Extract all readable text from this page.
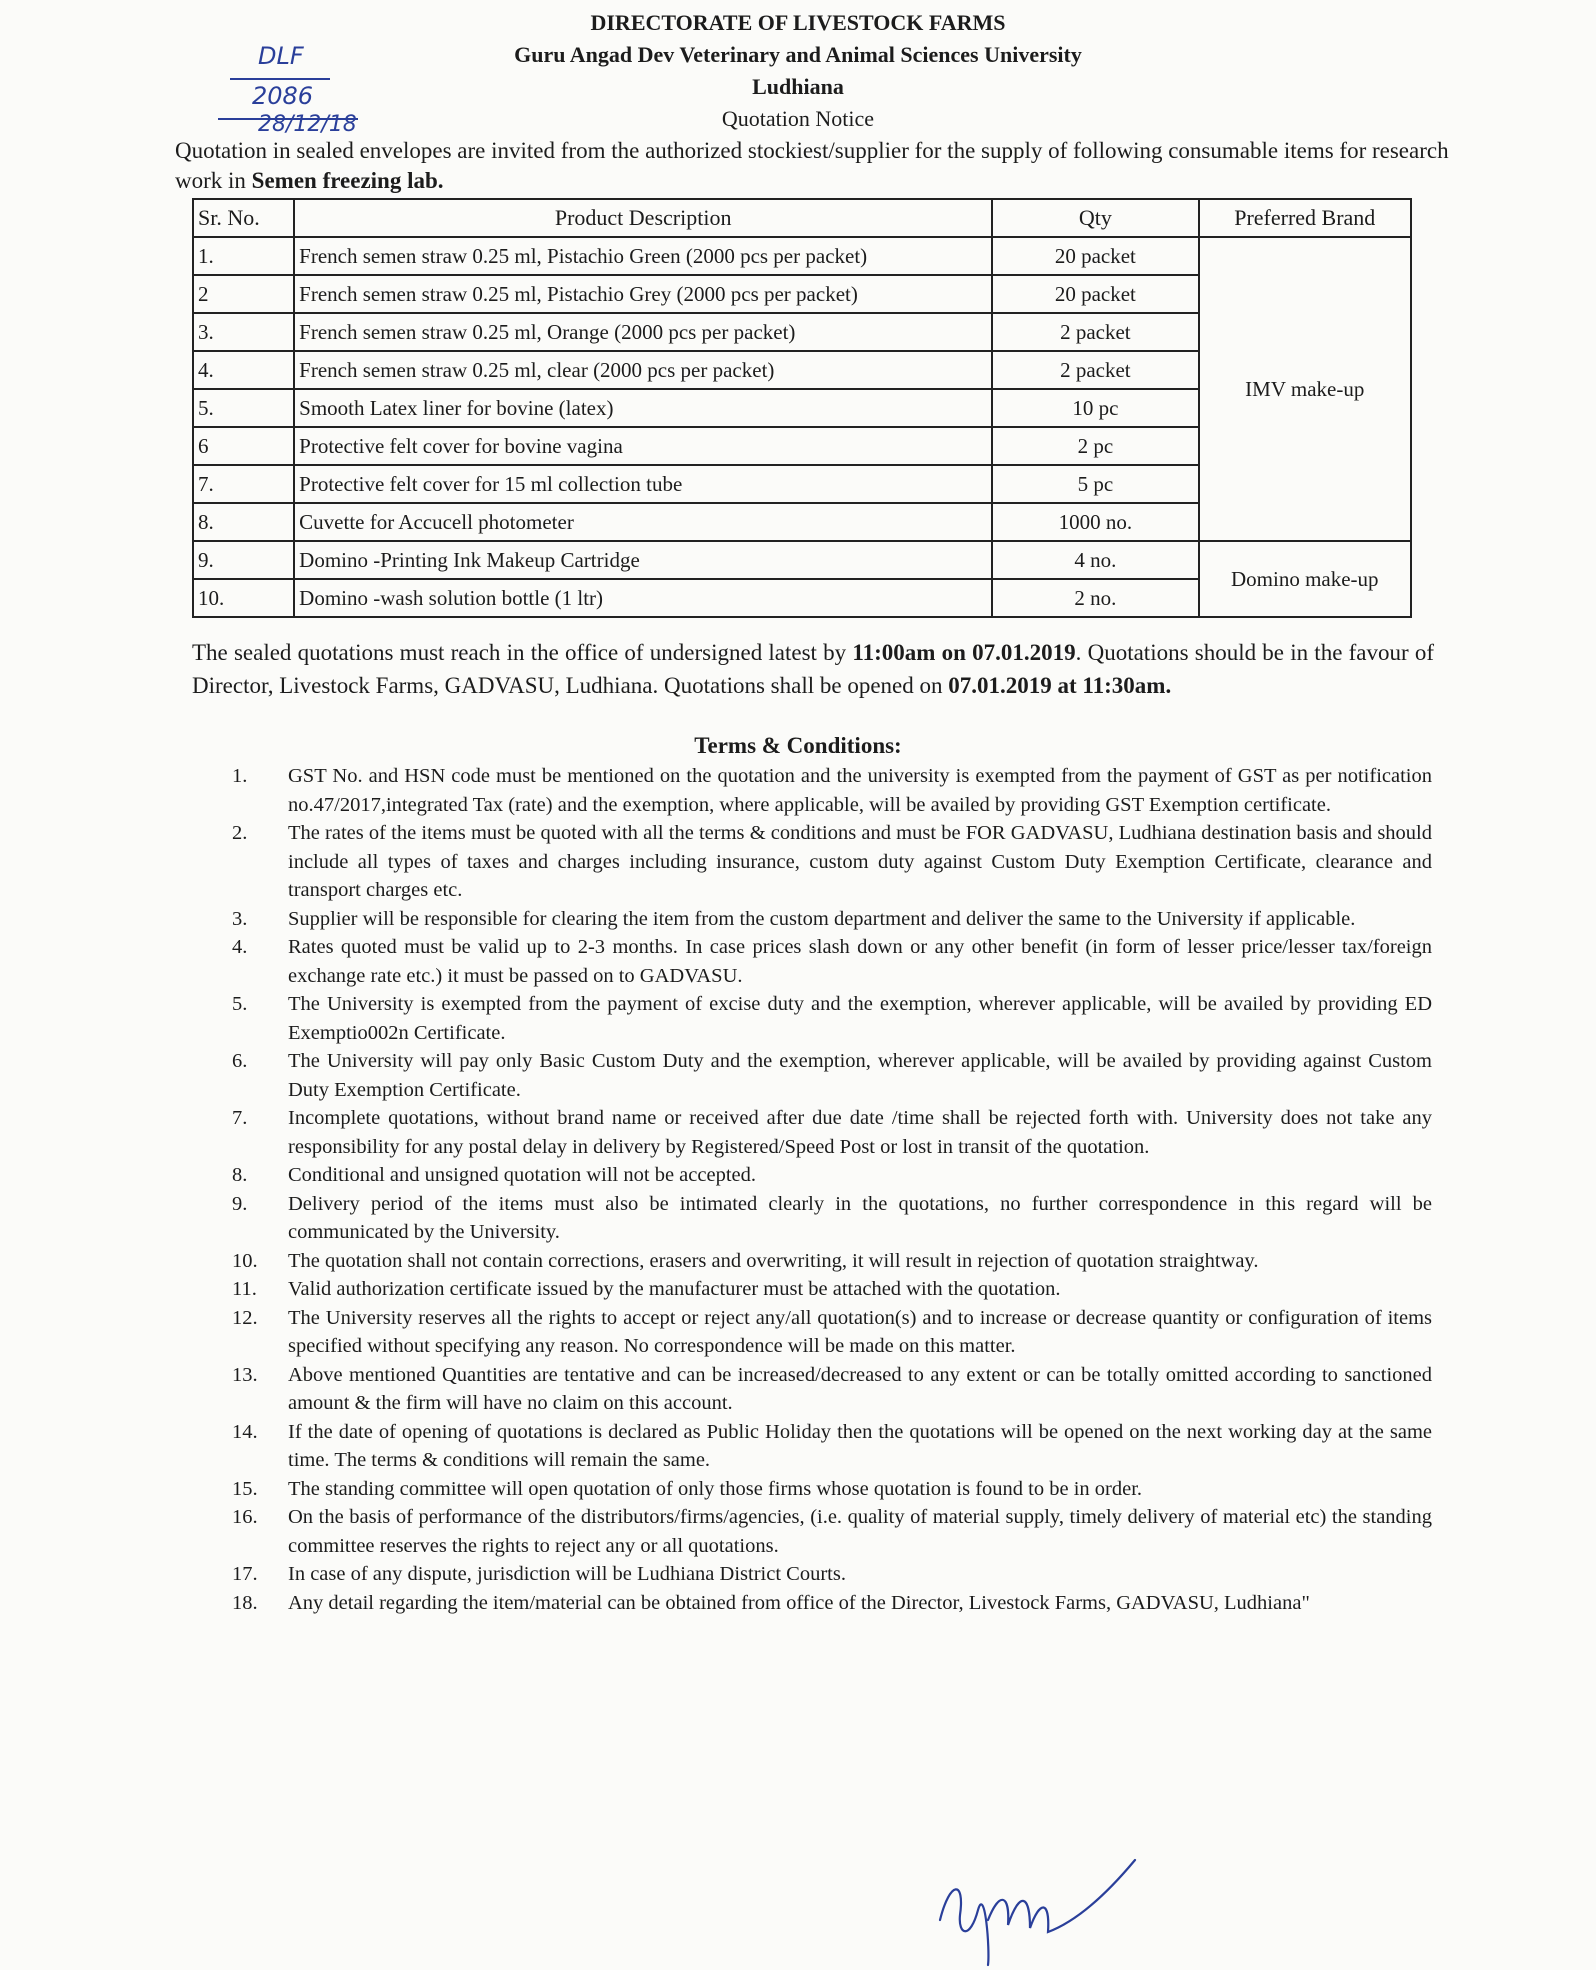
DIRECTORATE OF LIVESTOCK FARMS
Guru Angad Dev Veterinary and Animal Sciences University
Ludhiana
Quotation Notice
DLF
2086
28/12/18
Quotation in sealed envelopes are invited from the authorized stockiest/supplier for the supply of following consumable items for research work in Semen freezing lab.
Sr. No.	Product Description	Qty	Preferred Brand
1.	French semen straw 0.25 ml, Pistachio Green (2000 pcs per packet)	20 packet	IMV make-up
2	French semen straw 0.25 ml, Pistachio Grey (2000 pcs per packet)	20 packet	
3.	French semen straw 0.25 ml, Orange (2000 pcs per packet)	2 packet	
4.	French semen straw 0.25 ml, clear (2000 pcs per packet)	2 packet	
5.	Smooth Latex liner for bovine (latex)	10 pc	
6	Protective felt cover for bovine vagina	2 pc	
7.	Protective felt cover for 15 ml collection tube	5 pc	
8.	Cuvette for Accucell photometer	1000 no.	
9.	Domino -Printing Ink Makeup Cartridge	4 no.	Domino make-up
10.	Domino -wash solution bottle (1 ltr)	2 no.	
The sealed quotations must reach in the office of undersigned latest by 11:00am on 07.01.2019. Quotations should be in the favour of Director, Livestock Farms, GADVASU, Ludhiana. Quotations shall be opened on 07.01.2019 at 11:30am.
Terms & Conditions:
1. GST No. and HSN code must be mentioned on the quotation and the university is exempted from the payment of GST as per notification no.47/2017,integrated Tax (rate) and the exemption, where applicable, will be availed by providing GST Exemption certificate.
2. The rates of the items must be quoted with all the terms & conditions and must be FOR GADVASU, Ludhiana destination basis and should include all types of taxes and charges including insurance, custom duty against Custom Duty Exemption Certificate, clearance and transport charges etc.
3. Supplier will be responsible for clearing the item from the custom department and deliver the same to the University if applicable.
4. Rates quoted must be valid up to 2-3 months. In case prices slash down or any other benefit (in form of lesser price/lesser tax/foreign exchange rate etc.) it must be passed on to GADVASU.
5. The University is exempted from the payment of excise duty and the exemption, wherever applicable, will be availed by providing ED Exemptio002n Certificate.
6. The University will pay only Basic Custom Duty and the exemption, wherever applicable, will be availed by providing against Custom Duty Exemption Certificate.
7. Incomplete quotations, without brand name or received after due date /time shall be rejected forth with. University does not take any responsibility for any postal delay in delivery by Registered/Speed Post or lost in transit of the quotation.
8. Conditional and unsigned quotation will not be accepted.
9. Delivery period of the items must also be intimated clearly in the quotations, no further correspondence in this regard will be communicated by the University.
10. The quotation shall not contain corrections, erasers and overwriting, it will result in rejection of quotation straightway.
11. Valid authorization certificate issued by the manufacturer must be attached with the quotation.
12. The University reserves all the rights to accept or reject any/all quotation(s) and to increase or decrease quantity or configuration of items specified without specifying any reason. No correspondence will be made on this matter.
13. Above mentioned Quantities are tentative and can be increased/decreased to any extent or can be totally omitted according to sanctioned amount & the firm will have no claim on this account.
14. If the date of opening of quotations is declared as Public Holiday then the quotations will be opened on the next working day at the same time. The terms & conditions will remain the same.
15. The standing committee will open quotation of only those firms whose quotation is found to be in order.
16. On the basis of performance of the distributors/firms/agencies, (i.e. quality of material supply, timely delivery of material etc) the standing committee reserves the rights to reject any or all quotations.
17. In case of any dispute, jurisdiction will be Ludhiana District Courts.
18. Any detail regarding the item/material can be obtained from office of the Director, Livestock Farms, GADVASU, Ludhiana"
